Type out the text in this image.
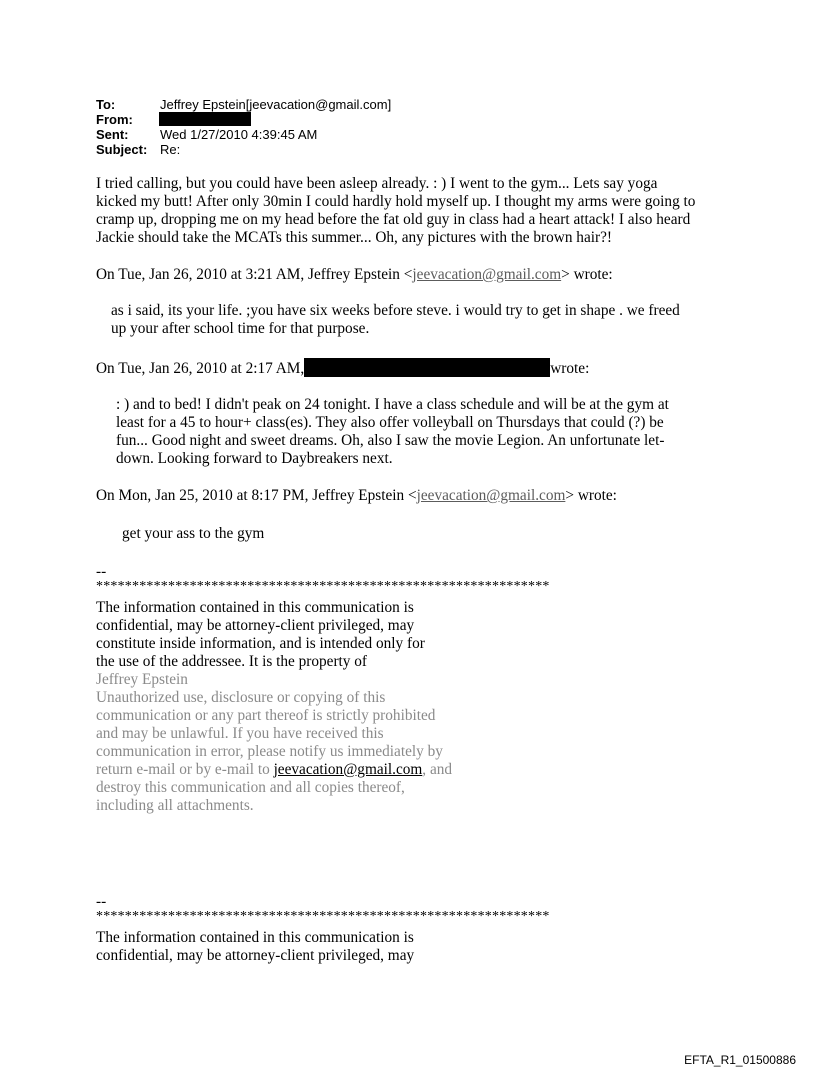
To:	Jeffrey Epstein[jeevacation@gmail.com]
From:
Sent:	Wed 1/27/2010 4:39:45 AM
Subject: Re:
I tried calling, but you could have been asleep already. : ) I went to the gym... Lets say yoga
kicked my butt! After only 30min I could hardly hold myself up. I thought my arms were going to
cramp up, dropping me on my head before the fat old guy in class had a heart attack! I also heard
Jackie should take the MCATs this summer... Oh, any pictures with the brown hair?!
On Tue, Jan 26, 2010 at 3:21 AM, Jeffrey Epstein <jeevacation@gmail.com> wrote:
as i said, its your life. ;you have six weeks before steve. i would try to get in shape . we freed
up your after school time for that purpose.
On Tue, Jan 26, 2010 at 2:17 AM,	wrote:
: ) and to bed! I didn't peak on 24 tonight. I have a class schedule and will be at the gym at
least for a 45 to hour+ class(es). They also offer volleyball on Thursdays that could (?) be
fun... Good night and sweet dreams. Oh, also I saw the movie Legion. An unfortunate let-
down. Looking forward to Daybreakers next.
On Mon, Jan 25, 2010 at 8:17 PM, Jeffrey Epstein <jeevacation@gmail.com> wrote:
get your ass to the gym
--
***************************************************************
The information contained in this communication is
confidential, may be attorney-client privileged, may
constitute inside information, and is intended only for
the use of the addressee. It is the property of
Jeffrey Epstein
Unauthorized use, disclosure or copying of this
communication or any part thereof is strictly prohibited
and may be unlawful. If you have received this
communication in error, please notify us immediately by
return e-mail or by e-mail to jeevacation@gmail.com, and
destroy this communication and all copies thereof,
including all attachments.
--
***************************************************************
The information contained in this communication is
confidential, may be attorney-client privileged, may
EFTA_R1_01500886
